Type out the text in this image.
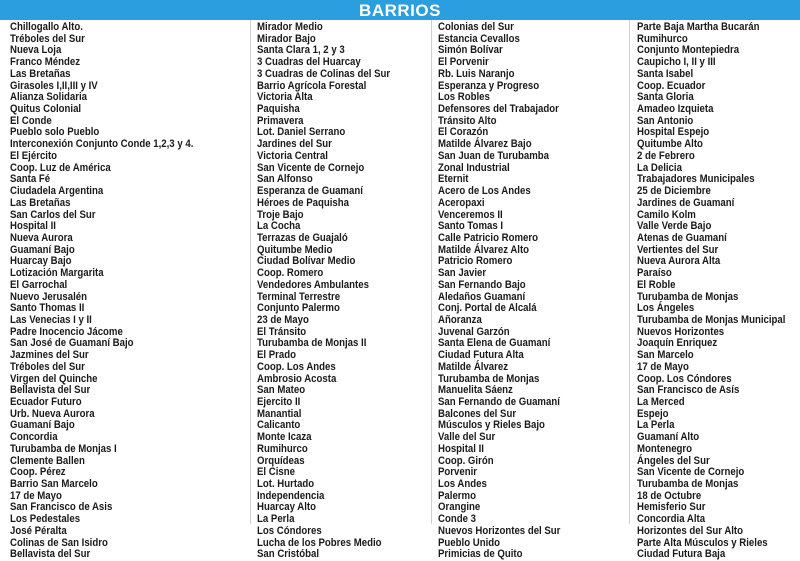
BARRIOS
Chillogallo Alto.
Tréboles del Sur
Nueva Loja
Franco Méndez
Las Bretañas
Girasoles I,II,III y IV
Alianza Solidaria
Quitus Colonial
El Conde
Pueblo solo Pueblo
Interconexión Conjunto Conde 1,2,3 y 4.
El Ejército
Coop. Luz de América
Santa Fé
Ciudadela Argentina
Las Bretañas
San Carlos del Sur
Hospital II
Nueva Aurora
Guamaní Bajo
Huarcay Bajo
Lotización Margarita
El Garrochal
Nuevo Jerusalén
Santo Thomas II
Las Venecias I y II
Padre Inocencio Jácome
San José de Guamaní Bajo
Jazmines del Sur
Tréboles del Sur
Virgen del Quinche
Bellavista del Sur
Ecuador Futuro
Urb. Nueva Aurora
Guamaní Bajo
Concordia
Turubamba de Monjas I
Clemente Ballen
Coop. Pérez
Barrio San Marcelo
17 de Mayo
San Francisco de Asis
Los Pedestales
José Péralta
Colinas de San Isidro
Bellavista del Sur
Mirador Medio
Mirador Bajo
Santa Clara 1, 2 y 3
3 Cuadras del Huarcay
3 Cuadras de Colinas del Sur
Barrio Agrícola Forestal
Victoria Alta
Paquisha
Primavera
Lot. Daniel Serrano
Jardines del Sur
Victoria Central
San Vicente de Cornejo
San Alfonso
Esperanza de Guamaní
Héroes de Paquisha
Troje Bajo
La Cocha
Terrazas de Guajaló
Quitumbe Medio
Ciudad Bolívar Medio
Coop. Romero
Vendedores Ambulantes
Terminal Terrestre
Conjunto Palermo
23 de Mayo
El Tránsito
Turubamba de Monjas II
El Prado
Coop. Los Andes
Ambrosio Acosta
San Mateo
Ejercito II
Manantial
Calicanto
Monte Icaza
Rumihurco
Orquídeas
El Cisne
Lot. Hurtado
Independencia
Huarcay Alto
La Perla
Los Cóndores
Lucha de los Pobres Medio
San Cristóbal
Colonias del Sur
Estancia Cevallos
Simón Bolívar
El Porvenir
Rb. Luis Naranjo
Esperanza y Progreso
Los Robles
Defensores del Trabajador
Tránsito Alto
El Corazón
Matilde Álvarez Bajo
San Juan de Turubamba
Zonal Industrial
Eternit
Acero de Los Andes
Aceropaxi
Venceremos II
Santo Tomas I
Calle Patricio Romero
Matilde Álvarez Alto
Patricio Romero
San Javier
San Fernando Bajo
Aledaños Guamaní
Conj. Portal de Alcalá
Añoranza
Juvenal Garzón
Santa Elena de Guamaní
Ciudad Futura Alta
Matilde Álvarez
Turubamba de Monjas
Manuelita Sáenz
San Fernando de Guamaní
Balcones del Sur
Músculos y Rieles Bajo
Valle del Sur
Hospital II
Coop. Girón
Porvenir
Los Andes
Palermo
Orangine
Conde 3
Nuevos Horizontes del Sur
Pueblo Unido
Primicias de Quito
Parte Baja Martha Bucarán
Rumihurco
Conjunto Montepiedra
Caupicho I, II y III
Santa Isabel
Coop. Ecuador
Santa Gloria
Amadeo Izquieta
San Antonio
Hospital Espejo
Quitumbe Alto
2 de Febrero
La Delicia
Trabajadores Municipales
25 de Diciembre
Jardines de Guamaní
Camilo Kolm
Valle Verde Bajo
Atenas de Guamaní
Vertientes del Sur
Nueva Aurora Alta
Paraíso
El Roble
Turubamba de Monjas
Los Ángeles
Turubamba de Monjas Municipal
Nuevos Horizontes
Joaquín Enriquez
San Marcelo
17 de Mayo
Coop. Los Cóndores
San Francisco de Asís
La Merced
Espejo
La Perla
Guamaní Alto
Montenegro
Ángeles del Sur
San Vicente de Cornejo
Turubamba de Monjas
18 de Octubre
Hemisferio Sur
Concordia Alta
Horizontes del Sur Alto
Parte Alta Músculos y Rieles
Ciudad Futura Baja
